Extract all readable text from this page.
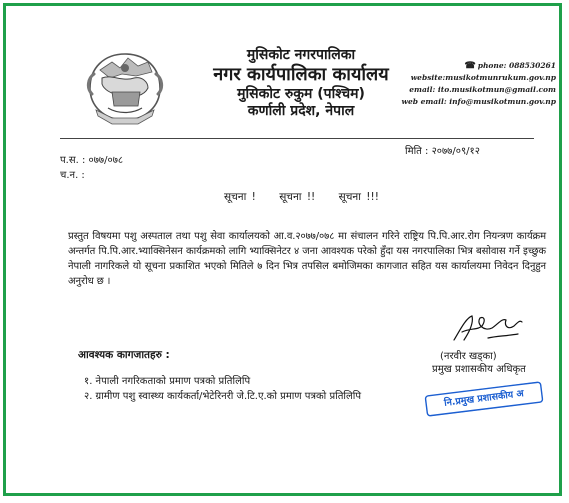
मुसिकोट नगरपालिका
नगर कार्यपालिका कार्यालय
मुसिकोट रुकुम (पश्चिम)
कर्णाली प्रदेश, नेपाल
☎ phone: 088530261
website:musikotmunrukum.gov.np
email: ito.musikotmun@gmail.com
web email: info@musikotmun.gov.np
प.स. : ०७७/०७८
च.न. :
मिति : २०७७/०९/१२
सूचना ! सूचना !! सूचना !!!
प्रस्तुत विषयमा पशु अस्पताल तथा पशु सेवा कार्यालयको आ.व.२०७७/०७८ मा संचालन गरिने राष्ट्रिय पि.पि.आर.रोग नियन्त्रण कार्यक्रम अन्तर्गत पि.पि.आर.भ्याक्सिनेसन कार्यक्रमको लागि भ्याक्सिनेटर ४ जना आवश्यक परेको हुँदा यस नगरपालिका भित्र बसोवास गर्ने इच्छुक नेपाली नागरिकले यो सूचना प्रकाशित भएको मितिले ७ दिन भित्र तपसिल बमोजिमका कागजात सहित यस कार्यालयमा निवेदन दिनुहुन अनुरोध छ ।
(नरवीर खड्का)
प्रमुख प्रशासकीय अधिकृत
आवश्यक कागजातहरु :
१. नेपाली नगरिकताको प्रमाण पत्रको प्रतिलिपि
२. ग्रामीण पशु स्वास्थ्य कार्यकर्ता/भेटेरिनरी जे.टि.ए.को प्रमाण पत्रको प्रतिलिपि	नि.प्रमुख प्रशासकीय अ
